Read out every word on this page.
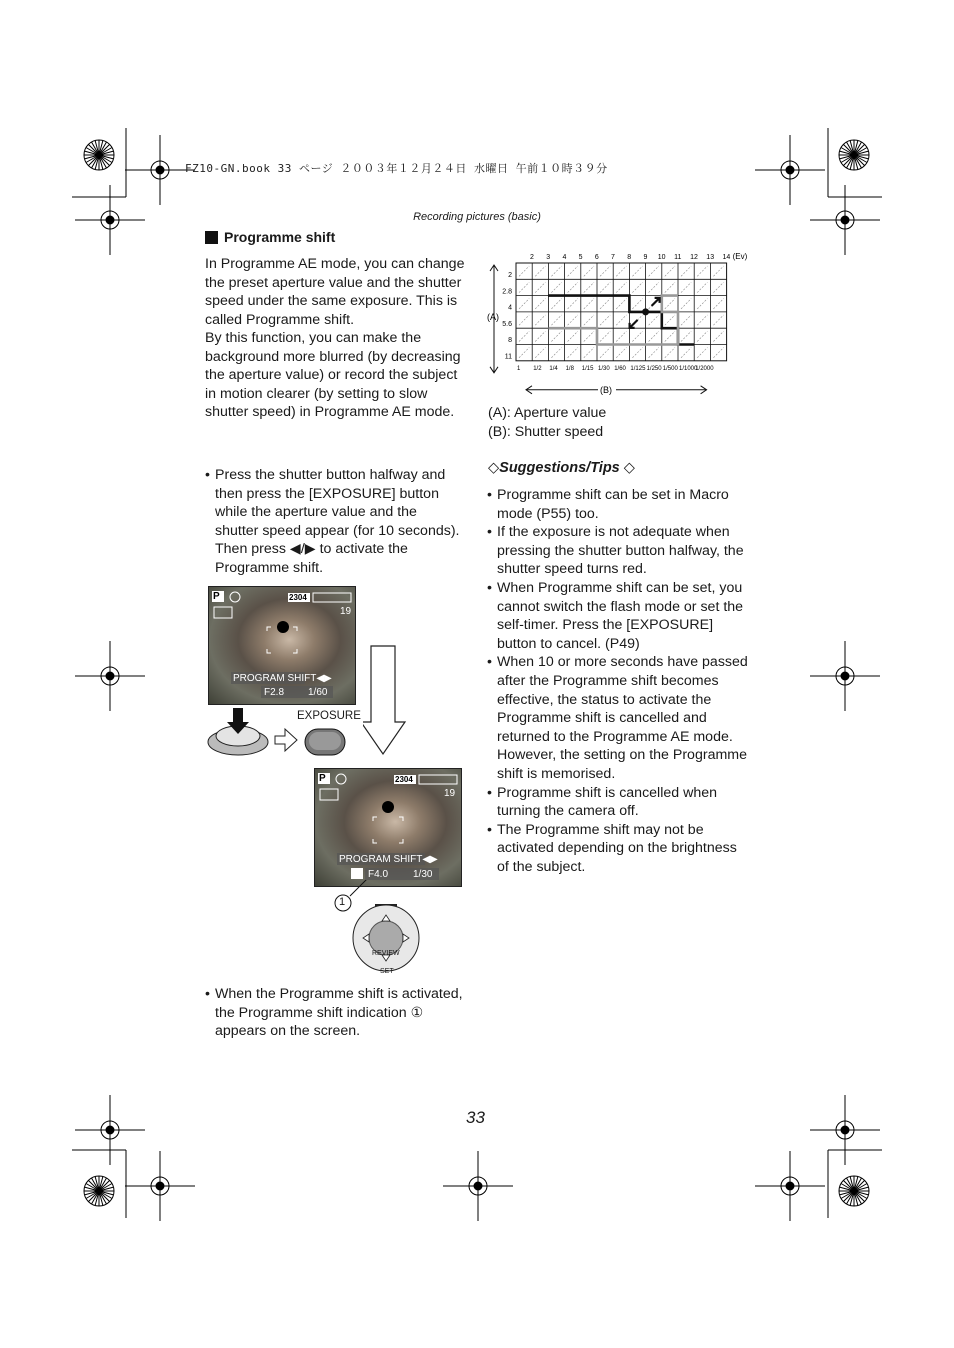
FZ10-GN.book 33 ページ ２００３年１２月２４日 水曜日 午前１０時３９分
Recording pictures (basic)
Programme shift

In Programme AE mode, you can change the preset aperture value and the shutter speed under the same exposure. This is called Programme shift.

By this function, you can make the background more blurred (by decreasing the aperture value) or record the subject in motion clearer (by setting to slow shutter speed) in Programme AE mode.

• Press the shutter button halfway and then press the [EXPOSURE] button while the aperture value and the shutter speed appear (for 10 seconds). Then press ◀/▶ to activate the Programme shift.
P	2304
19
PROGRAM SHIFT◀▶
F2.8 1/60
EXPOSURE
P	2304
19
PROGRAM SHIFT◀▶
F4.0 1/30
1
REVIEW
SET
• When the Programme shift is activated, the Programme shift indication ① appears on the screen.
2 3 4 5 6 7 8 9 10 11 12 13 14 (Ev)
2
2.8
4
5.6
8
11
1 1/2 1/4 1/8 1/15 1/30 1/60 1/125 1/250 1/500 1/1000
1/2000
(A)
(B)
(A): Aperture value
(B): Shutter speed
◇Suggestions/Tips ◇
• Programme shift can be set in Macro mode (P55) too.
• If the exposure is not adequate when pressing the shutter button halfway, the shutter speed turns red.
• When Programme shift can be set, you cannot switch the flash mode or set the self-timer. Press the [EXPOSURE] button to cancel. (P49)
• When 10 or more seconds have passed after the Programme shift becomes effective, the status to activate the Programme shift is cancelled and returned to the Programme AE mode. However, the setting on the Programme shift is memorised.
• Programme shift is cancelled when turning the camera off.
• The Programme shift may not be activated depending on the brightness of the subject.
33
